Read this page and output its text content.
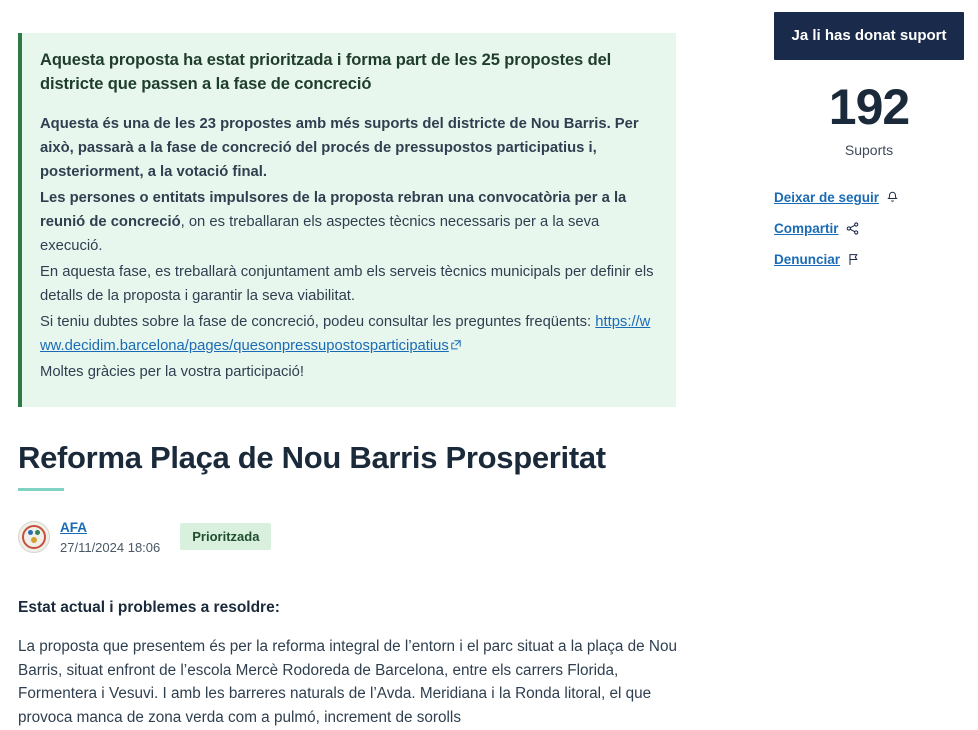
Aquesta proposta ha estat prioritzada i forma part de les 25 propostes del districte que passen a la fase de concreció

Aquesta és una de les 23 propostes amb més suports del districte de Nou Barris. Per això, passarà a la fase de concreció del procés de pressupostos participatius i, posteriorment, a la votació final.

Les persones o entitats impulsores de la proposta rebran una convocatòria per a la reunió de concreció, on es treballaran els aspectes tècnics necessaris per a la seva execució.

En aquesta fase, es treballarà conjuntament amb els serveis tècnics municipals per definir els detalls de la proposta i garantir la seva viabilitat.

Si teniu dubtes sobre la fase de concreció, podeu consultar les preguntes freqüents: https://www.decidim.barcelona/pages/quesonpressupostosparticipatius

Moltes gràcies per la vostra participació!

Reforma Plaça de Nou Barris Prosperitat
AFA
27/11/2024 18:06
Prioritzada
Estat actual i problemes a resoldre:
La proposta que presentem és per la reforma integral de l’entorn i el parc situat a la plaça de Nou Barris, situat enfront de l’escola Mercè Rodoreda de Barcelona, entre els carrers Florida, Formentera i Vesuvi. I amb les barreres naturals de l’Avda. Meridiana i la Ronda litoral, el que provoca manca de zona verda com a pulmó, increment de sorolls
Ja li has donat suport
192
Suports
Deixar de seguir
Compartir
Denunciar
